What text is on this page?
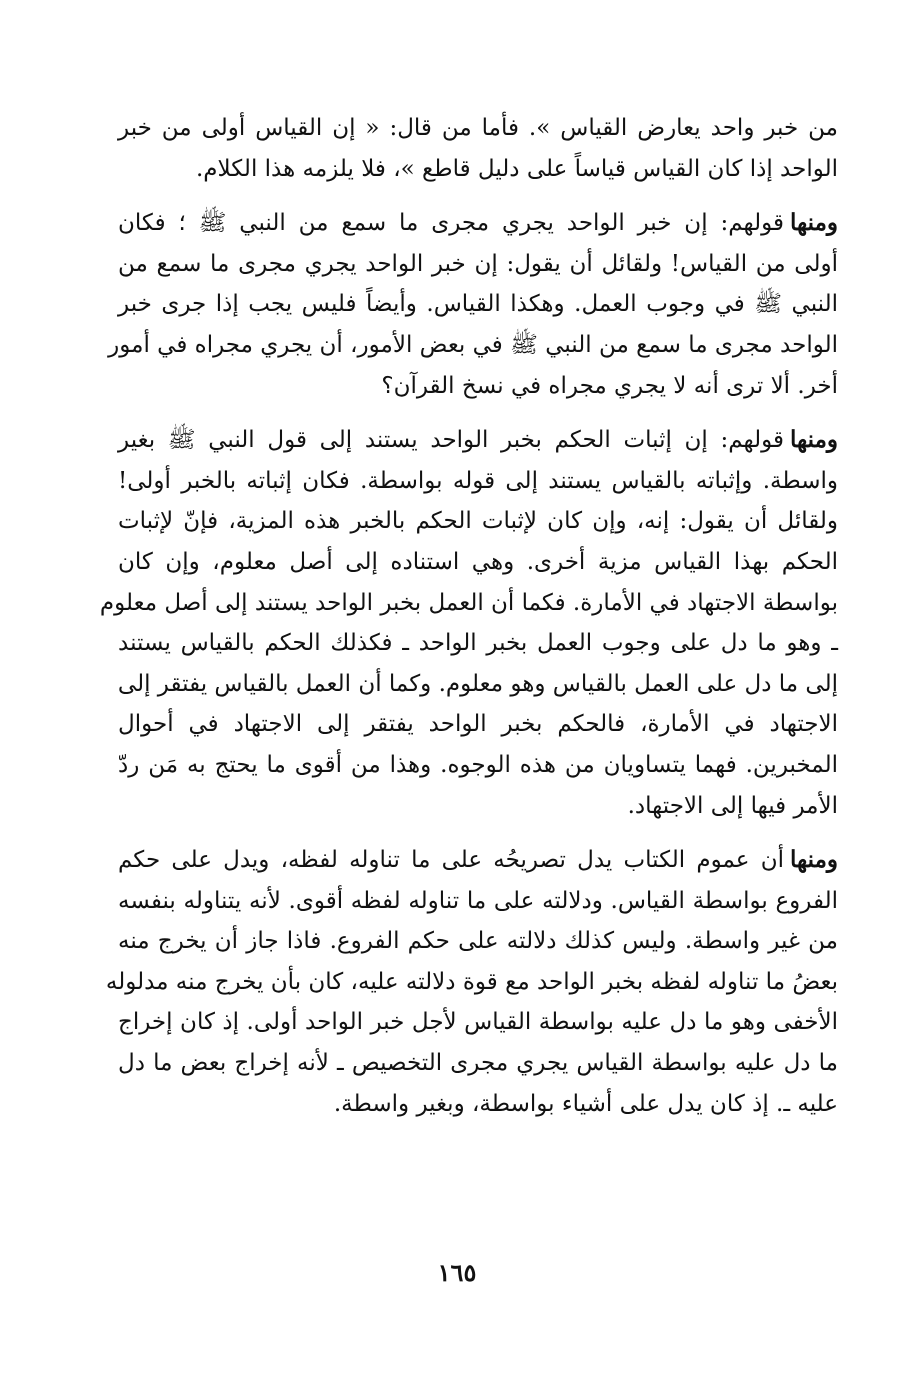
من خبر واحد يعارض القياس ». فأما من قال: « إن القياس أولى من خبر
الواحد إذا كان القياس قياساً على دليل قاطع »، فلا يلزمه هذا الكلام.
ومنهاقولهم: إن خبر الواحد يجري مجرى ما سمع من النبي ﷺ ؛ فكان
أولى من القياس! ولقائل أن يقول: إن خبر الواحد يجري مجرى ما سمع من
النبي ﷺ في وجوب العمل. وهكذا القياس. وأيضاً فليس يجب إذا جرى خبر
الواحد مجرى ما سمع من النبي ﷺ في بعض الأمور، أن يجري مجراه في أمور
أخر. ألا ترى أنه لا يجري مجراه في نسخ القرآن؟
ومنهاقولهم: إن إثبات الحكم بخبر الواحد يستند إلى قول النبي ﷺ بغير
واسطة. وإثباته بالقياس يستند إلى قوله بواسطة. فكان إثباته بالخبر أولى!
ولقائل أن يقول: إنه، وإن كان لإثبات الحكم بالخبر هذه المزية، فإنّ لإثبات
الحكم بهذا القياس مزية أخرى. وهي استناده إلى أصل معلوم، وإن كان
بواسطة الاجتهاد في الأمارة. فكما أن العمل بخبر الواحد يستند إلى أصل معلوم
ـ وهو ما دل على وجوب العمل بخبر الواحد ـ فكذلك الحكم بالقياس يستند
إلى ما دل على العمل بالقياس وهو معلوم. وكما أن العمل بالقياس يفتقر إلى
الاجتهاد في الأمارة، فالحكم بخبر الواحد يفتقر إلى الاجتهاد في أحوال
المخبرين. فهما يتساويان من هذه الوجوه. وهذا من أقوى ما يحتج به مَن ردّ
الأمر فيها إلى الاجتهاد.
ومنهاأن عموم الكتاب يدل تصريحُه على ما تناوله لفظه، ويدل على حكم
الفروع بواسطة القياس. ودلالته على ما تناوله لفظه أقوى. لأنه يتناوله بنفسه
من غير واسطة. وليس كذلك دلالته على حكم الفروع. فاذا جاز أن يخرج منه
بعضُ ما تناوله لفظه بخبر الواحد مع قوة دلالته عليه، كان بأن يخرج منه مدلوله
الأخفى وهو ما دل عليه بواسطة القياس لأجل خبر الواحد أولى. إذ كان إخراج
ما دل عليه بواسطة القياس يجري مجرى التخصيص ـ لأنه إخراج بعض ما دل
عليه ـ. إذ كان يدل على أشياء بواسطة، وبغير واسطة.
١٦٥
